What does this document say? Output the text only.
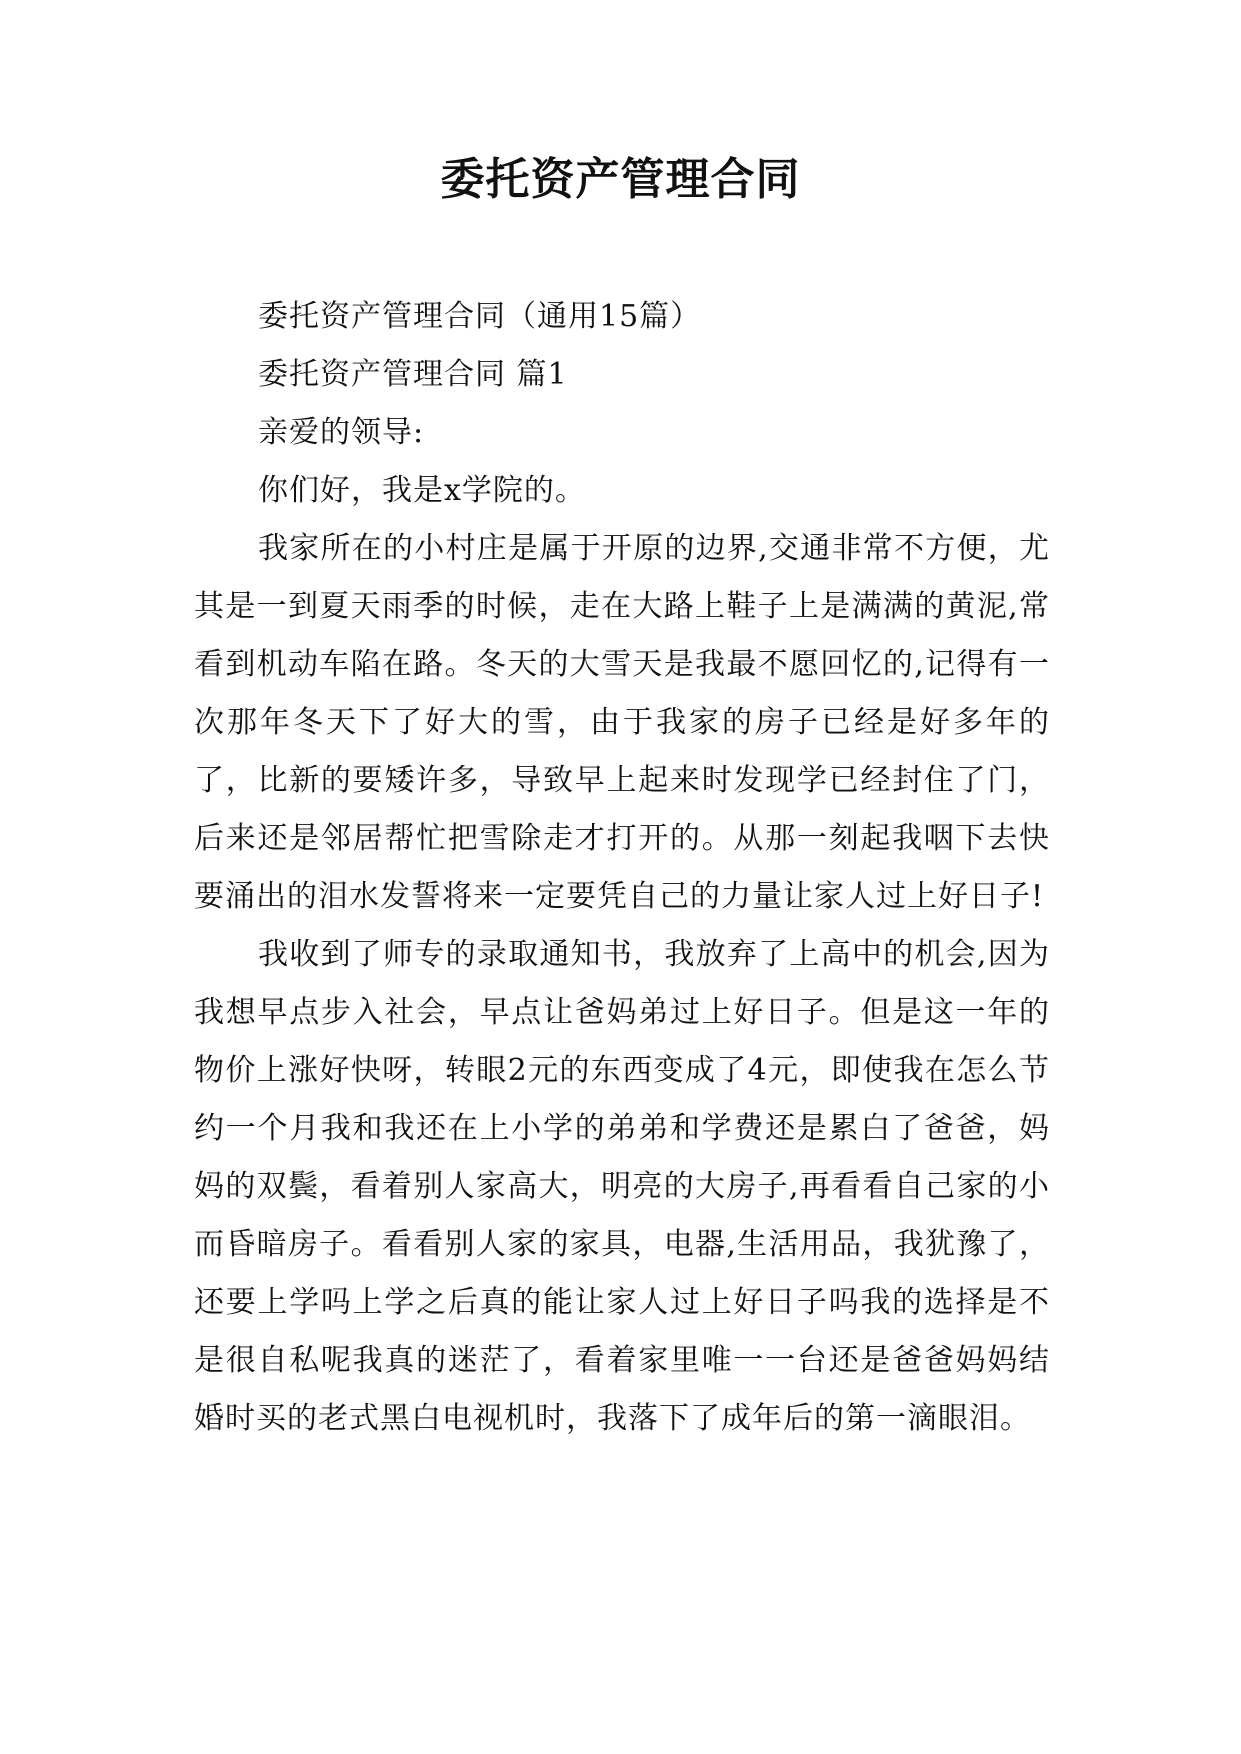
委托资产管理合同

委托资产管理合同（通用15篇）

委托资产管理合同 篇1

亲爱的领导:

你们好，我是x学院的。

我家所在的小村庄是属于开原的边界,交通非常不方便，尤其是一到夏天雨季的时候，走在大路上鞋子上是满满的黄泥,常看到机动车陷在路。冬天的大雪天是我最不愿回忆的,记得有一次那年冬天下了好大的雪，由于我家的房子已经是好多年的了，比新的要矮许多，导致早上起来时发现学已经封住了门，后来还是邻居帮忙把雪除走才打开的。从那一刻起我咽下去快要涌出的泪水发誓将来一定要凭自己的力量让家人过上好日子!

我收到了师专的录取通知书，我放弃了上高中的机会,因为我想早点步入社会，早点让爸妈弟过上好日子。但是这一年的物价上涨好快呀，转眼2元的东西变成了4元，即使我在怎么节约一个月我和我还在上小学的弟弟和学费还是累白了爸爸，妈妈的双鬓，看着别人家高大，明亮的大房子,再看看自己家的小而昏暗房子。看看别人家的家具，电器,生活用品，我犹豫了，还要上学吗上学之后真的能让家人过上好日子吗我的选择是不是很自私呢我真的迷茫了，看着家里唯一一台还是爸爸妈妈结婚时买的老式黑白电视机时，我落下了成年后的第一滴眼泪。
